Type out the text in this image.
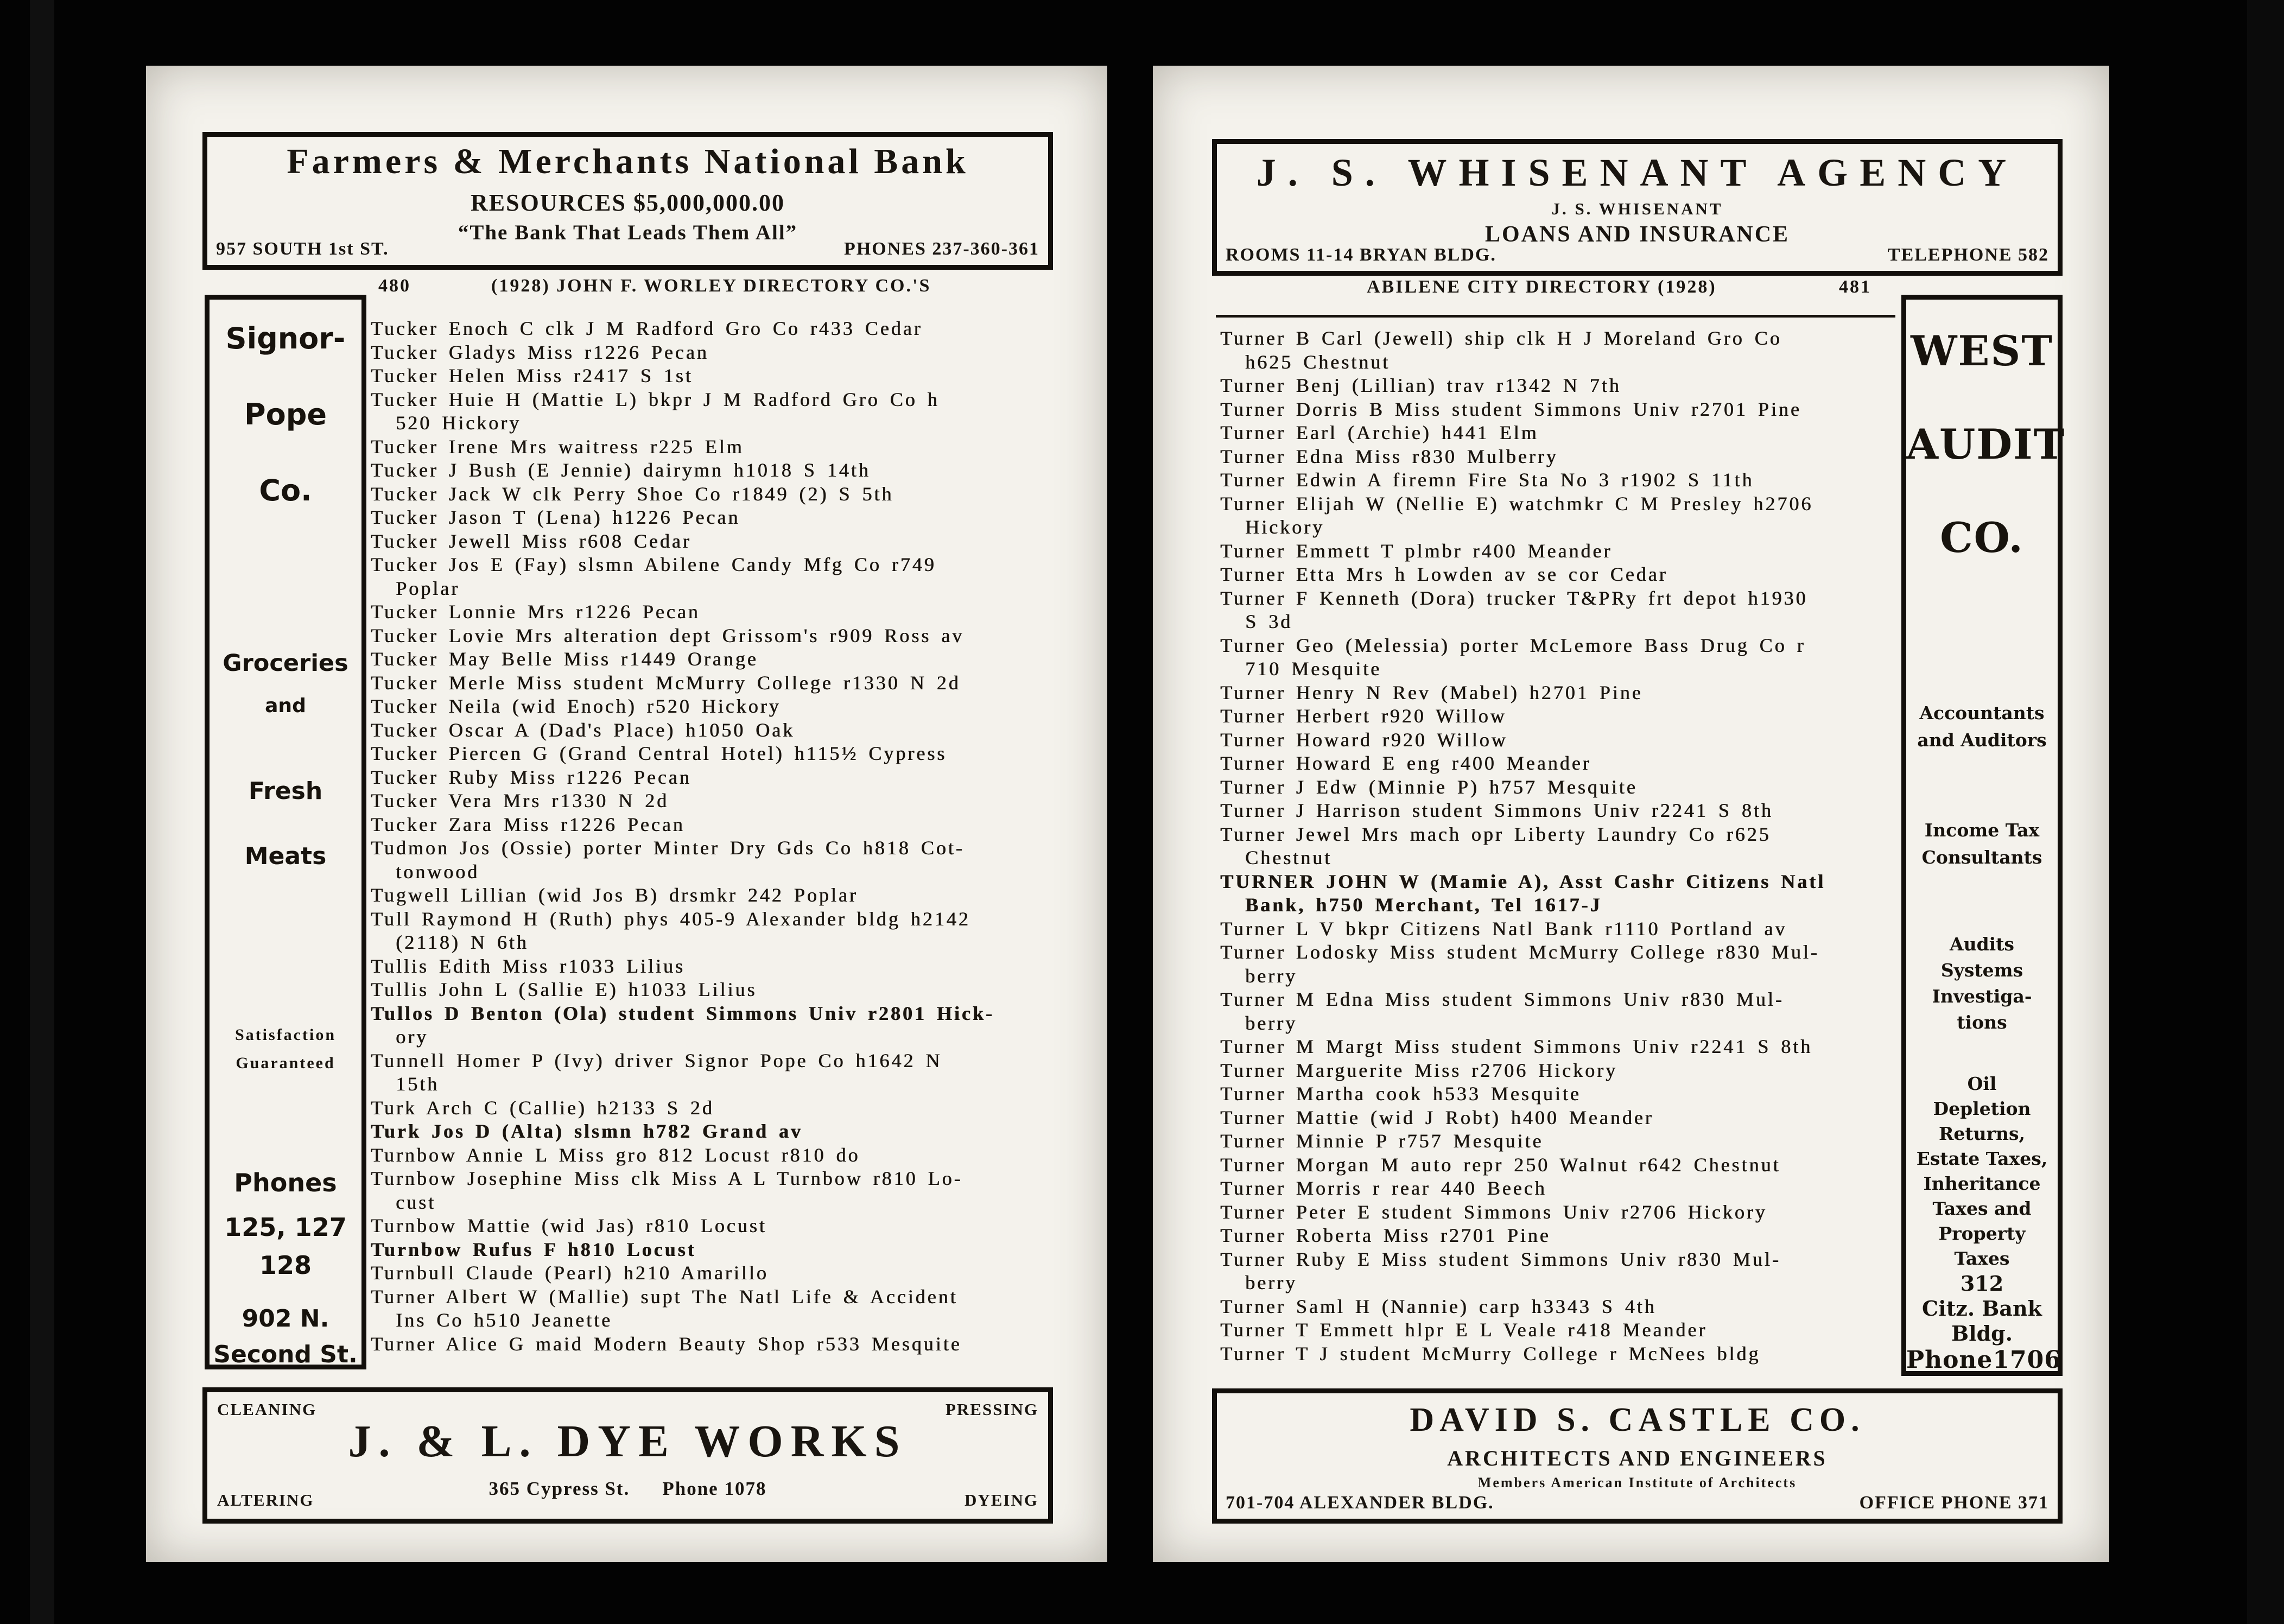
Farmers & Merchants National Bank
RESOURCES $5,000,000.00
“The Bank That Leads Them All”
957 SOUTH 1st ST.	PHONES 237-360-361
480	(1928) JOHN F. WORLEY DIRECTORY CO.'S
Signor-
Pope
Co.
Groceries
and
Fresh
Meats
Satisfaction
Guaranteed
Phones
125, 127
128
902 N.
Second St.
Tucker Enoch C clk J M Radford Gro Co r433 Cedar
Tucker Gladys Miss r1226 Pecan
Tucker Helen Miss r2417 S 1st
Tucker Huie H (Mattie L) bkpr J M Radford Gro Co h
520 Hickory
Tucker Irene Mrs waitress r225 Elm
Tucker J Bush (E Jennie) dairymn h1018 S 14th
Tucker Jack W clk Perry Shoe Co r1849 (2) S 5th
Tucker Jason T (Lena) h1226 Pecan
Tucker Jewell Miss r608 Cedar
Tucker Jos E (Fay) slsmn Abilene Candy Mfg Co r749
Poplar
Tucker Lonnie Mrs r1226 Pecan
Tucker Lovie Mrs alteration dept Grissom's r909 Ross av
Tucker May Belle Miss r1449 Orange
Tucker Merle Miss student McMurry College r1330 N 2d
Tucker Neila (wid Enoch) r520 Hickory
Tucker Oscar A (Dad's Place) h1050 Oak
Tucker Piercen G (Grand Central Hotel) h115½ Cypress
Tucker Ruby Miss r1226 Pecan
Tucker Vera Mrs r1330 N 2d
Tucker Zara Miss r1226 Pecan
Tudmon Jos (Ossie) porter Minter Dry Gds Co h818 Cot-
tonwood
Tugwell Lillian (wid Jos B) drsmkr 242 Poplar
Tull Raymond H (Ruth) phys 405-9 Alexander bldg h2142
(2118) N 6th
Tullis Edith Miss r1033 Lilius
Tullis John L (Sallie E) h1033 Lilius
Tullos D Benton (Ola) student Simmons Univ r2801 Hick-
ory
Tunnell Homer P (Ivy) driver Signor Pope Co h1642 N
15th
Turk Arch C (Callie) h2133 S 2d
Turk Jos D (Alta) slsmn h782 Grand av
Turnbow Annie L Miss gro 812 Locust r810 do
Turnbow Josephine Miss clk Miss A L Turnbow r810 Lo-
cust
Turnbow Mattie (wid Jas) r810 Locust
Turnbow Rufus F h810 Locust
Turnbull Claude (Pearl) h210 Amarillo
Turner Albert W (Mallie) supt The Natl Life & Accident
Ins Co h510 Jeanette
Turner Alice G maid Modern Beauty Shop r533 Mesquite
CLEANING	PRESSING
J. & L. DYE WORKS
365 Cypress St. Phone 1078
ALTERING	DYEING
J. S. WHISENANT AGENCY
J. S. WHISENANT
LOANS AND INSURANCE
ROOMS 11-14 BRYAN BLDG.	TELEPHONE 582
ABILENE CITY DIRECTORY (1928)	481
Turner B Carl (Jewell) ship clk H J Moreland Gro Co
h625 Chestnut
Turner Benj (Lillian) trav r1342 N 7th
Turner Dorris B Miss student Simmons Univ r2701 Pine
Turner Earl (Archie) h441 Elm
Turner Edna Miss r830 Mulberry
Turner Edwin A firemn Fire Sta No 3 r1902 S 11th
Turner Elijah W (Nellie E) watchmkr C M Presley h2706
Hickory
Turner Emmett T plmbr r400 Meander
Turner Etta Mrs h Lowden av se cor Cedar
Turner F Kenneth (Dora) trucker T&PRy frt depot h1930
S 3d
Turner Geo (Melessia) porter McLemore Bass Drug Co r
710 Mesquite
Turner Henry N Rev (Mabel) h2701 Pine
Turner Herbert r920 Willow
Turner Howard r920 Willow
Turner Howard E eng r400 Meander
Turner J Edw (Minnie P) h757 Mesquite
Turner J Harrison student Simmons Univ r2241 S 8th
Turner Jewel Mrs mach opr Liberty Laundry Co r625
Chestnut
TURNER JOHN W (Mamie A), Asst Cashr Citizens Natl
Bank, h750 Merchant, Tel 1617-J
Turner L V bkpr Citizens Natl Bank r1110 Portland av
Turner Lodosky Miss student McMurry College r830 Mul-
berry
Turner M Edna Miss student Simmons Univ r830 Mul-
berry
Turner M Margt Miss student Simmons Univ r2241 S 8th
Turner Marguerite Miss r2706 Hickory
Turner Martha cook h533 Mesquite
Turner Mattie (wid J Robt) h400 Meander
Turner Minnie P r757 Mesquite
Turner Morgan M auto repr 250 Walnut r642 Chestnut
Turner Morris r rear 440 Beech
Turner Peter E student Simmons Univ r2706 Hickory
Turner Roberta Miss r2701 Pine
Turner Ruby E Miss student Simmons Univ r830 Mul-
berry
Turner Saml H (Nannie) carp h3343 S 4th
Turner T Emmett hlpr E L Veale r418 Meander
Turner T J student McMurry College r McNees bldg
WEST
AUDIT
CO.
Accountants
and Auditors
Income Tax
Consultants
Audits
Systems
Investiga-
tions
Oil
Depletion
Returns,
Estate Taxes,
Inheritance
Taxes and
Property
Taxes
312
Citz. Bank
Bldg.
Phone1706
DAVID S. CASTLE CO.
ARCHITECTS AND ENGINEERS
Members American Institute of Architects
701-704 ALEXANDER BLDG.	OFFICE PHONE 371
